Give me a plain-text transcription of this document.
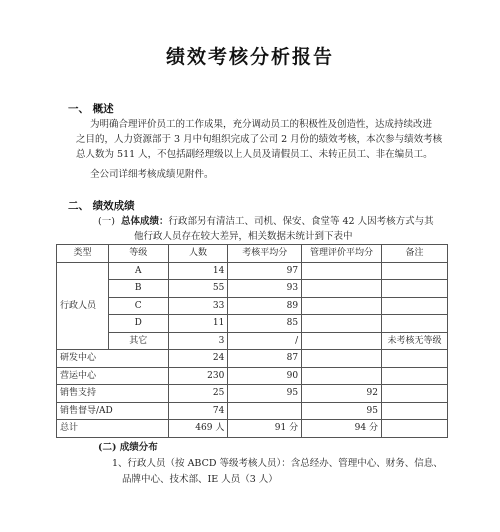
绩效考核分析报告
一、 概述
为明确合理评价员工的工作成果，充分调动员工的积极性及创造性，达成持续改进
之目的，人力资源部于 3 月中旬组织完成了公司 2 月份的绩效考核，本次参与绩效考核
总人数为 511 人，不包括副经理级以上人员及请假员工、未转正员工、非在编员工。
全公司详细考核成绩见附件。
二、 绩效成绩
(一) 总体成绩：行政部另有清洁工、司机、保安、食堂等 42 人因考核方式与其
他行政人员存在较大差异，相关数据未统计到下表中
类型	等级	人数	考核平均分	管理评价平均分	备注
行政人员	A	14	97		
	B	55	93		
	C	33	89		
	D	11	85		
	其它	3	/		未考核无等级
研发中心		24	87		
营运中心		230	90		
销售支持		25	95	92	
销售督导/AD		74		95	
总计		469 人	91 分	94 分	
(二) 成绩分布
1、行政人员（按 ABCD 等级考核人员）：含总经办、管理中心、财务、信息、
品牌中心、技术部、IE 人员（3 人）
